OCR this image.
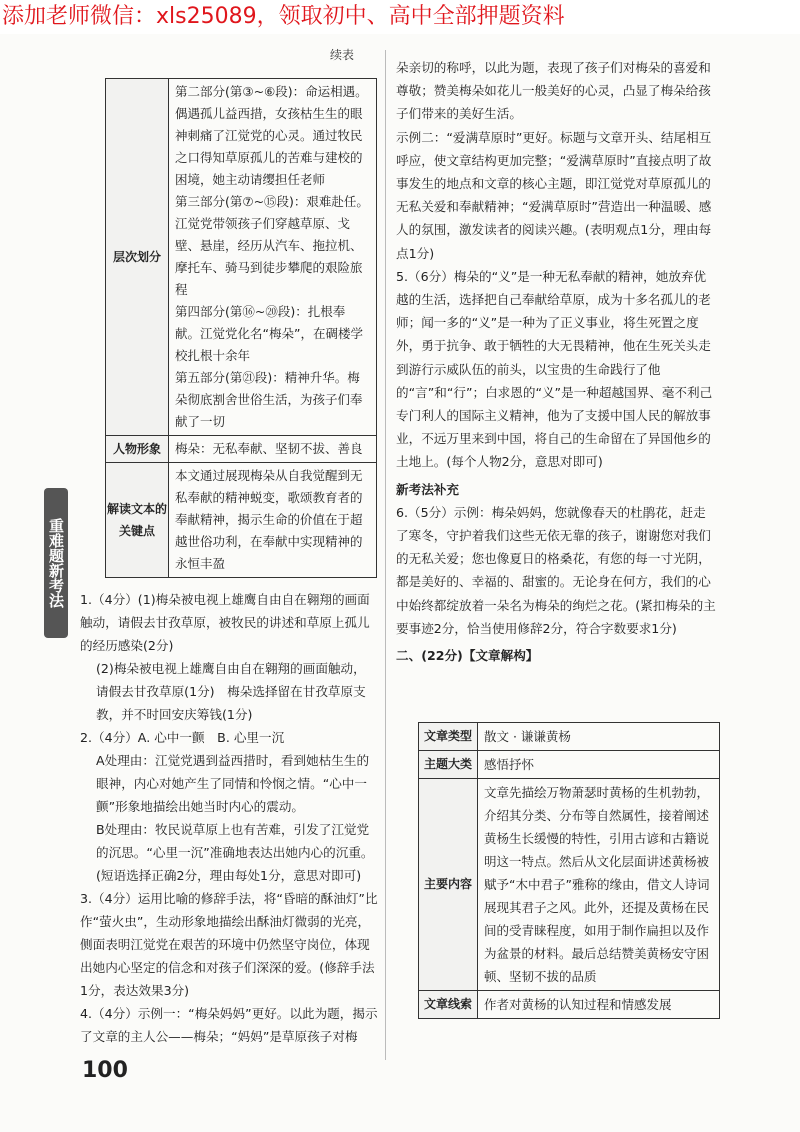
添加老师微信：xls25089，领取初中、高中全部押题资料
续表
层次划分	第二部分(第③~⑥段)：命运相遇。偶遇孤儿益西措，女孩枯生生的眼神刺痛了江觉党的心灵。通过牧民之口得知草原孤儿的苦难与建校的困境，她主动请缨担任老师

第三部分(第⑦~⑮段)：艰难赴任。江觉党带领孩子们穿越草原、戈壁、悬崖，经历从汽车、拖拉机、摩托车、骑马到徒步攀爬的艰险旅程

第四部分(第⑯~⑳段)：扎根奉献。江觉党化名“梅朵”，在碉楼学校扎根十余年

第五部分(第㉑段)：精神升华。梅朵彻底割舍世俗生活，为孩子们奉献了一切

人物形象	梅朵：无私奉献、坚韧不拔、善良
解读文本的关键点	本文通过展现梅朵从自我觉醒到无私奉献的精神蜕变，歌颂教育者的奉献精神，揭示生命的价值在于超越世俗功利，在奉献中实现精神的永恒丰盈
重难题新考法 1.（4分）(1)梅朵被电视上雄鹰自由自在翱翔的画面触动，请假去甘孜草原，被牧民的讲述和草原上孤儿的经历感染(2分)

(2)梅朵被电视上雄鹰自由自在翱翔的画面触动，请假去甘孜草原(1分)　梅朵选择留在甘孜草原支教，并不时回安庆筹钱(1分)

2.（4分）A. 心中一颤　B. 心里一沉

A处理由：江觉党遇到益西措时，看到她枯生生的眼神，内心对她产生了同情和怜悯之情。“心中一颤”形象地描绘出她当时内心的震动。

B处理由：牧民说草原上也有苦难，引发了江觉党的沉思。“心里一沉”准确地表达出她内心的沉重。(短语选择正确2分，理由每处1分，意思对即可)

3.（4分）运用比喻的修辞手法，将“昏暗的酥油灯”比作“萤火虫”，生动形象地描绘出酥油灯微弱的光亮，侧面表明江觉党在艰苦的环境中仍然坚守岗位，体现出她内心坚定的信念和对孩子们深深的爱。(修辞手法1分，表达效果3分)

4.（4分）示例一：“梅朵妈妈”更好。以此为题，揭示了文章的主人公——梅朵；“妈妈”是草原孩子对梅

朵亲切的称呼，以此为题，表现了孩子们对梅朵的喜爱和尊敬；赞美梅朵如花儿一般美好的心灵，凸显了梅朵给孩子们带来的美好生活。

示例二：“爱满草原时”更好。标题与文章开头、结尾相互呼应，使文章结构更加完整；“爱满草原时”直接点明了故事发生的地点和文章的核心主题，即江觉党对草原孤儿的无私关爱和奉献精神；“爱满草原时”营造出一种温暖、感人的氛围，激发读者的阅读兴趣。(表明观点1分，理由每点1分)

5.（6分）梅朵的“义”是一种无私奉献的精神，她放弃优越的生活，选择把自己奉献给草原，成为十多名孤儿的老师；闻一多的“义”是一种为了正义事业，将生死置之度外，勇于抗争、敢于牺牲的大无畏精神，他在生死关头走到游行示威队伍的前头，以宝贵的生命践行了他的“言”和“行”；白求恩的“义”是一种超越国界、毫不利己专门利人的国际主义精神，他为了支援中国人民的解放事业，不远万里来到中国，将自己的生命留在了异国他乡的土地上。(每个人物2分，意思对即可)

新考法补充

6.（5分）示例：梅朵妈妈，您就像春天的杜鹃花，赶走了寒冬，守护着我们这些无依无靠的孩子，谢谢您对我们的无私关爱；您也像夏日的格桑花，有您的每一寸光阴，都是美好的、幸福的、甜蜜的。无论身在何方，我们的心中始终都绽放着一朵名为梅朵的绚烂之花。(紧扣梅朵的主要事迹2分，恰当使用修辞2分，符合字数要求1分)

二、(22分)【文章解构】

文章类型	散文 · 谦谦黄杨
主题大类	感悟抒怀
主要内容	文章先描绘万物萧瑟时黄杨的生机勃勃，介绍其分类、分布等自然属性，接着阐述黄杨生长缓慢的特性，引用古谚和古籍说明这一特点。然后从文化层面讲述黄杨被赋予“木中君子”雅称的缘由，借文人诗词展现其君子之风。此外，还提及黄杨在民间的受青睐程度，如用于制作扁担以及作为盆景的材料。最后总结赞美黄杨安守困顿、坚韧不拔的品质
文章线索	作者对黄杨的认知过程和情感发展
100
